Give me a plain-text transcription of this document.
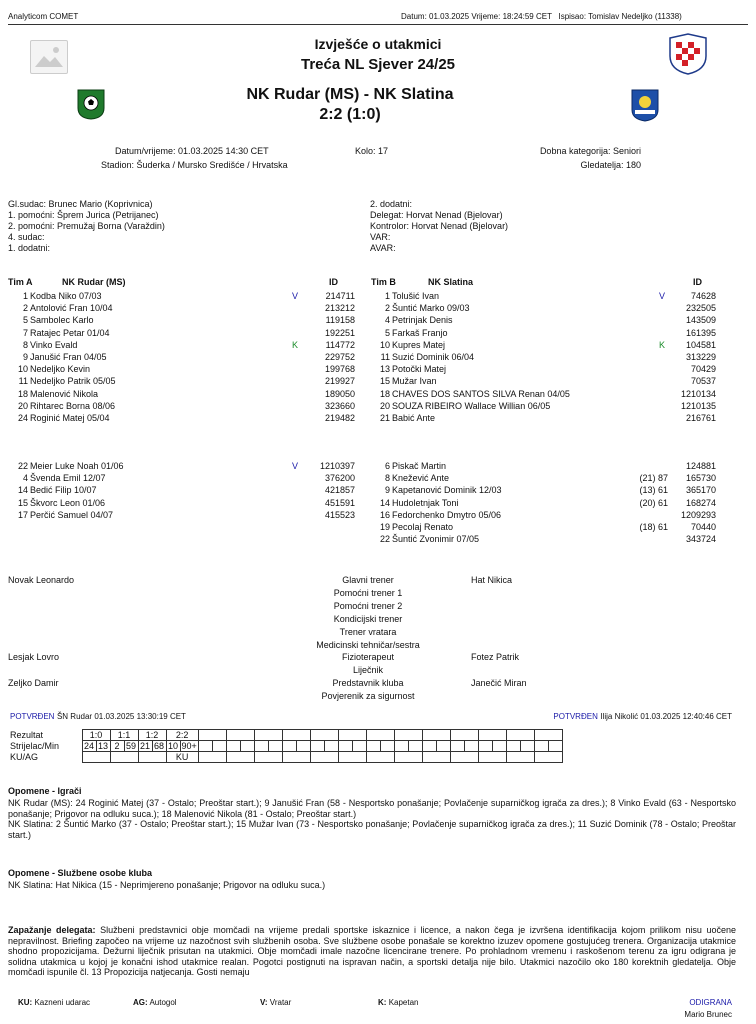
Analyticom COMET	Datum: 01.03.2025 Vrijeme: 18:24:59 CET Ispisao: Tomislav Nedeljko (11338)
Izvješće o utakmici
Treća NL Sjever 24/25
NK Rudar (MS) - NK Slatina
2:2 (1:0)
Datum/vrijeme: 01.03.2025 14:30 CET
Stadion: Šuderka / Mursko Središće / Hrvatska
Kolo: 17	Dobna kategorija: Seniori
Gledatelja: 180
Gl.sudac: Brunec Mario (Koprivnica)
1. pomoćni: Šprem Jurica (Petrijanec)
2. pomoćni: Premužaj Borna (Varaždin)
4. sudac:
1. dodatni:
2. dodatni:
Delegat: Horvat Nenad (Bjelovar)
Kontrolor: Horvat Nenad (Bjelovar)
VAR:
AVAR:
Tim A	NK Rudar (MS)	ID	Tim B	NK Slatina	ID
1 Kodba Niko 07/03	V	214711
2 Antolović Fran 10/04	213212
5 Sambolec Karlo	119158
7 Ratajec Petar 01/04	192251
8 Vinko Evald	K	114772
9 Janušić Fran 04/05	229752
10 Nedeljko Kevin	199768
11 Nedeljko Patrik 05/05	219927
18 Malenović Nikola	189050
20 Rihtarec Borna 08/06	323660
24 Roginić Matej 05/04	219482
22 Meier Luke Noah 01/06	V	1210397
4 Švenda Emil 12/07	376200
14 Bedić Filip 10/07	421857
15 Škvorc Leon 01/06	451591
17 Perčić Samuel 04/07	415523
1 Tolušić Ivan	V	74628
2 Šuntić Marko 09/03	232505
4 Petrinjak Denis	143509
5 Farkaš Franjo	161395
10 Kupres Matej	K	104581
11 Suzić Dominik 06/04	313229
13 Potočki Matej	70429
15 Mužar Ivan	70537
18 CHAVES DOS SANTOS SILVA Renan 04/05	1210134
20 SOUZA RIBEIRO Wallace Willian 06/05	1210135
21 Babić Ante	216761
6 Piskač Martin	124881
8 Knežević Ante	(21) 87	165730
9 Kapetanović Dominik 12/03	(13) 61	365170
14 Hudoletnjak Toni	(20) 61	168274
16 Fedorchenko Dmytro 05/06	1209293
19 Pecolaj Renato	(18) 61	70440
22 Šuntić Zvonimir 07/05	343724
Glavni trener
Novak Leonardo	Hat Nikica
Pomoćni trener 1
Pomoćni trener 2
Kondicijski trener
Trener vratara
Medicinski tehničar/sestra
Fizioterapeut
Lesjak Lovro	Fotez Patrik
Liječnik
Predstavnik kluba
Zeljko Damir	Janečić Miran
Povjerenik za sigurnost
POTVRĐEN ŠN Rudar 01.03.2025 13:30:19 CET	POTVRĐEN Ilija Nikolić 01.03.2025 12:40:46 CET
Rezultat	1:0		1:1		1:2		2:2																											
Strijelac/Min	24	13	2	59	21	68	10	90+																										
KU/AG							KU																											
Opomene - Igrači
NK Rudar (MS): 24 Roginić Matej (37 - Ostalo; Preoštar start.); 9 Janušić Fran (58 - Nesportsko ponašanje; Povlačenje suparničkog igrača za dres.); 8 Vinko Evald (63 - Nesportsko ponašanje; Prigovor na odluku suca.); 18 Malenović Nikola (81 - Ostalo; Preoštar start.)
NK Slatina: 2 Šuntić Marko (37 - Ostalo; Preoštar start.); 15 Mužar Ivan (73 - Nesportsko ponašanje; Povlačenje suparničkog igrača za dres.); 11 Suzić Dominik (78 - Ostalo; Preoštar start.)
Opomene - Službene osobe kluba
NK Slatina: Hat Nikica (15 - Neprimjereno ponašanje; Prigovor na odluku suca.)
Zapažanje delegata: Službeni predstavnici obje momčadi na vrijeme predali sportske iskaznice i licence, a nakon čega je izvršena identifikacija kojom prilikom nisu uočene nepravilnost. Briefing započeo na vrijeme uz nazočnost svih službenih osoba. Sve službene osobe ponašale se korektno izuzev opomene gostujućeg trenera. Organizacija utakmice shodno propozicijama. Dežurni liječnik prisutan na utakmici. Obje momčadi imale nazočne licencirane trenere. Po prohladnom vremenu i raskošenom terenu za igru odigrana je solidna utakmica u kojoj je konačni ishod utakmice realan. Pogotci postignuti na ispravan način, a sportski detalja nije bilo. Utakmici nazočilo oko 180 korektnih gledatelja. Obje momčadi ispunile čl. 13 Propozicija natjecanja. Gosti nemaju
KU: Kazneni udarac	AG: Autogol	V: Vratar	K: Kapetan	ODIGRANA
Mario Brunec
